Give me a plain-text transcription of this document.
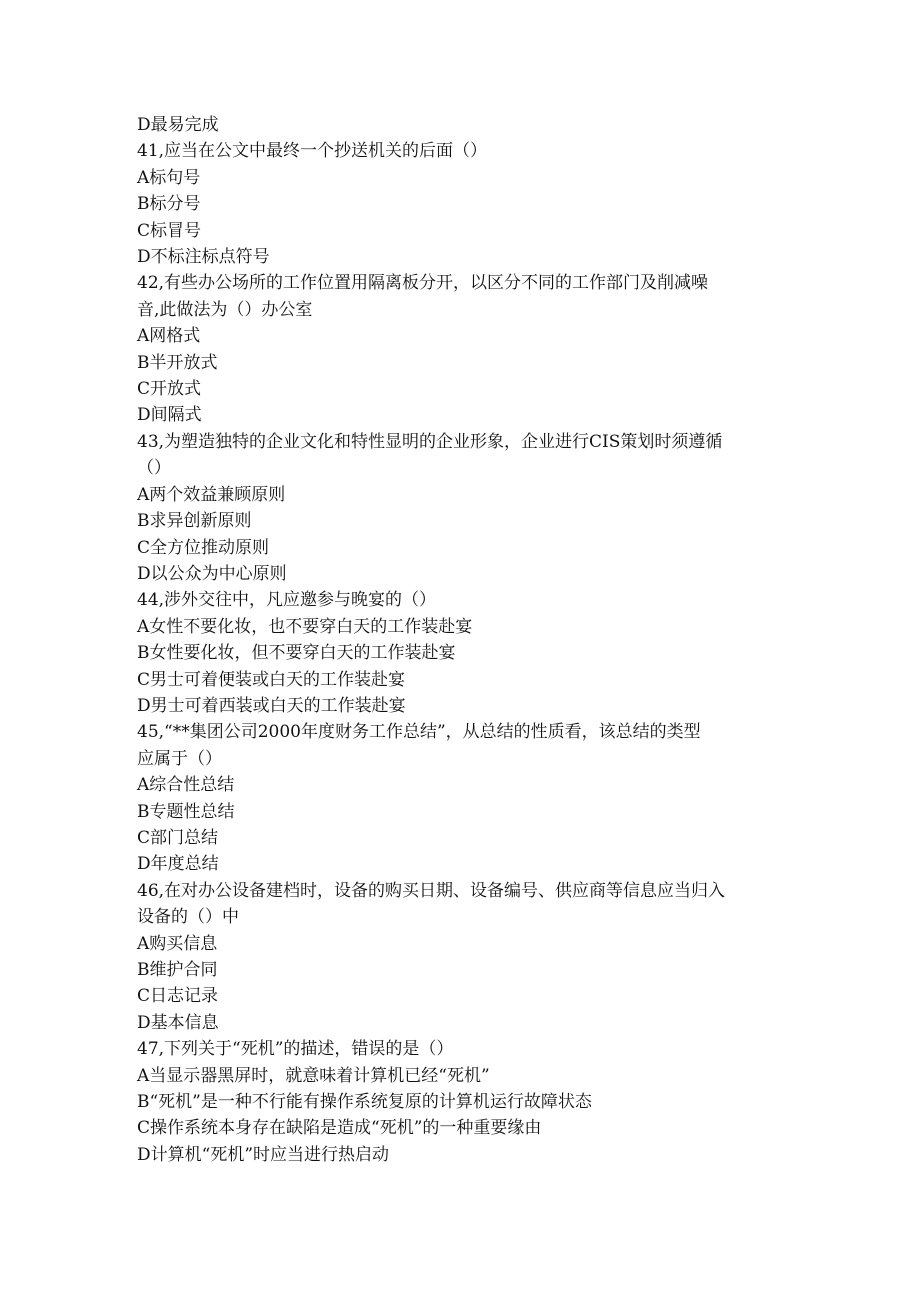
D最易完成
41,应当在公文中最终一个抄送机关的后面（）
A标句号
B标分号
C标冒号
D不标注标点符号
42,有些办公场所的工作位置用隔离板分开，以区分不同的工作部门及削减噪
音,此做法为（）办公室
A网格式
B半开放式
C开放式
D间隔式
43,为塑造独特的企业文化和特性显明的企业形象，企业进行CIS策划时须遵循
（）
A两个效益兼顾原则
B求异创新原则
C全方位推动原则
D以公众为中心原则
44,涉外交往中，凡应邀参与晚宴的（）
A女性不要化妆，也不要穿白天的工作装赴宴
B女性要化妆，但不要穿白天的工作装赴宴
C男士可着便装或白天的工作装赴宴
D男士可着西装或白天的工作装赴宴
45,“**集团公司2000年度财务工作总结”，从总结的性质看，该总结的类型
应属于（）
A综合性总结
B专题性总结
C部门总结
D年度总结
46,在对办公设备建档时，设备的购买日期、设备编号、供应商等信息应当归入
设备的（）中
A购买信息
B维护合同
C日志记录
D基本信息
47,下列关于“死机”的描述，错误的是（）
A当显示器黑屏时，就意味着计算机已经“死机”
B“死机”是一种不行能有操作系统复原的计算机运行故障状态
C操作系统本身存在缺陷是造成“死机”的一种重要缘由
D计算机“死机”时应当进行热启动
